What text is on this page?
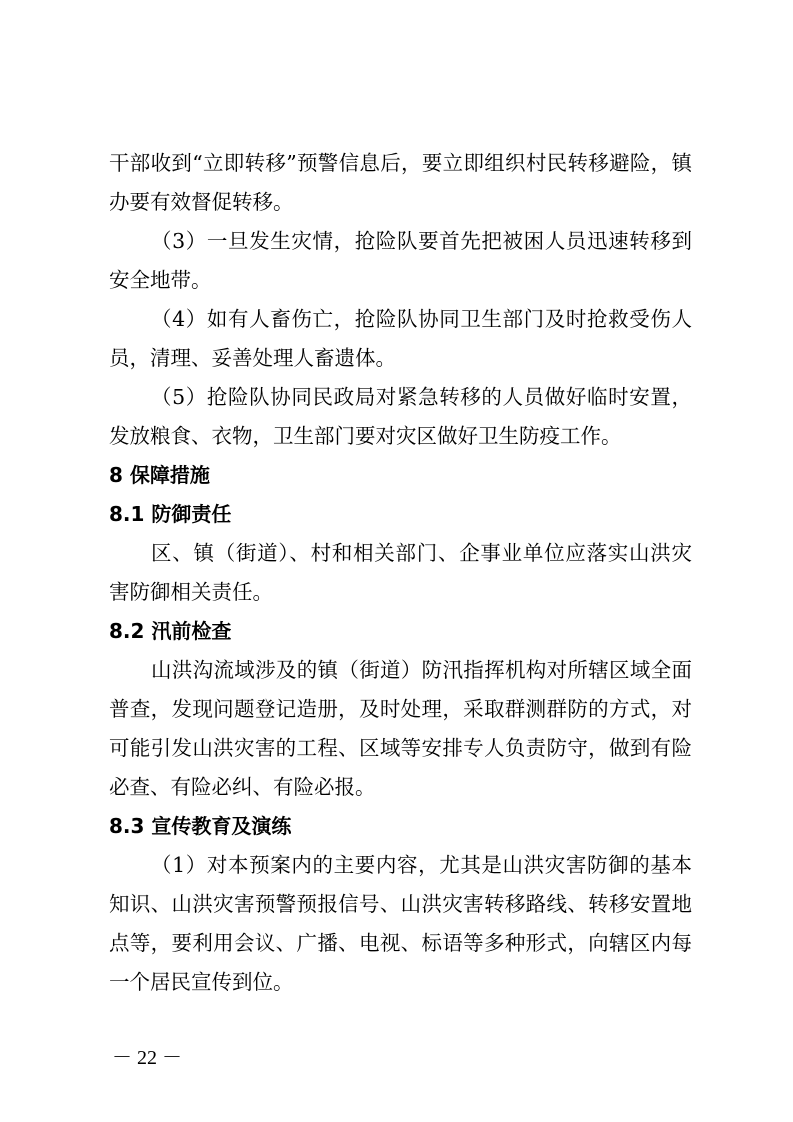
干部收到“立即转移”预警信息后，要立即组织村民转移避险，镇
办要有效督促转移。
（3）一旦发生灾情，抢险队要首先把被困人员迅速转移到
安全地带。
（4）如有人畜伤亡，抢险队协同卫生部门及时抢救受伤人
员，清理、妥善处理人畜遗体。
（5）抢险队协同民政局对紧急转移的人员做好临时安置，
发放粮食、衣物，卫生部门要对灾区做好卫生防疫工作。
8 保障措施
8.1 防御责任
区、镇（街道）、村和相关部门、企事业单位应落实山洪灾
害防御相关责任。
8.2 汛前检查
山洪沟流域涉及的镇（街道）防汛指挥机构对所辖区域全面
普查，发现问题登记造册，及时处理，采取群测群防的方式，对
可能引发山洪灾害的工程、区域等安排专人负责防守，做到有险
必查、有险必纠、有险必报。
8.3 宣传教育及演练
（1）对本预案内的主要内容，尤其是山洪灾害防御的基本
知识、山洪灾害预警预报信号、山洪灾害转移路线、转移安置地
点等，要利用会议、广播、电视、标语等多种形式，向辖区内每
一个居民宣传到位。
－ 22 －
